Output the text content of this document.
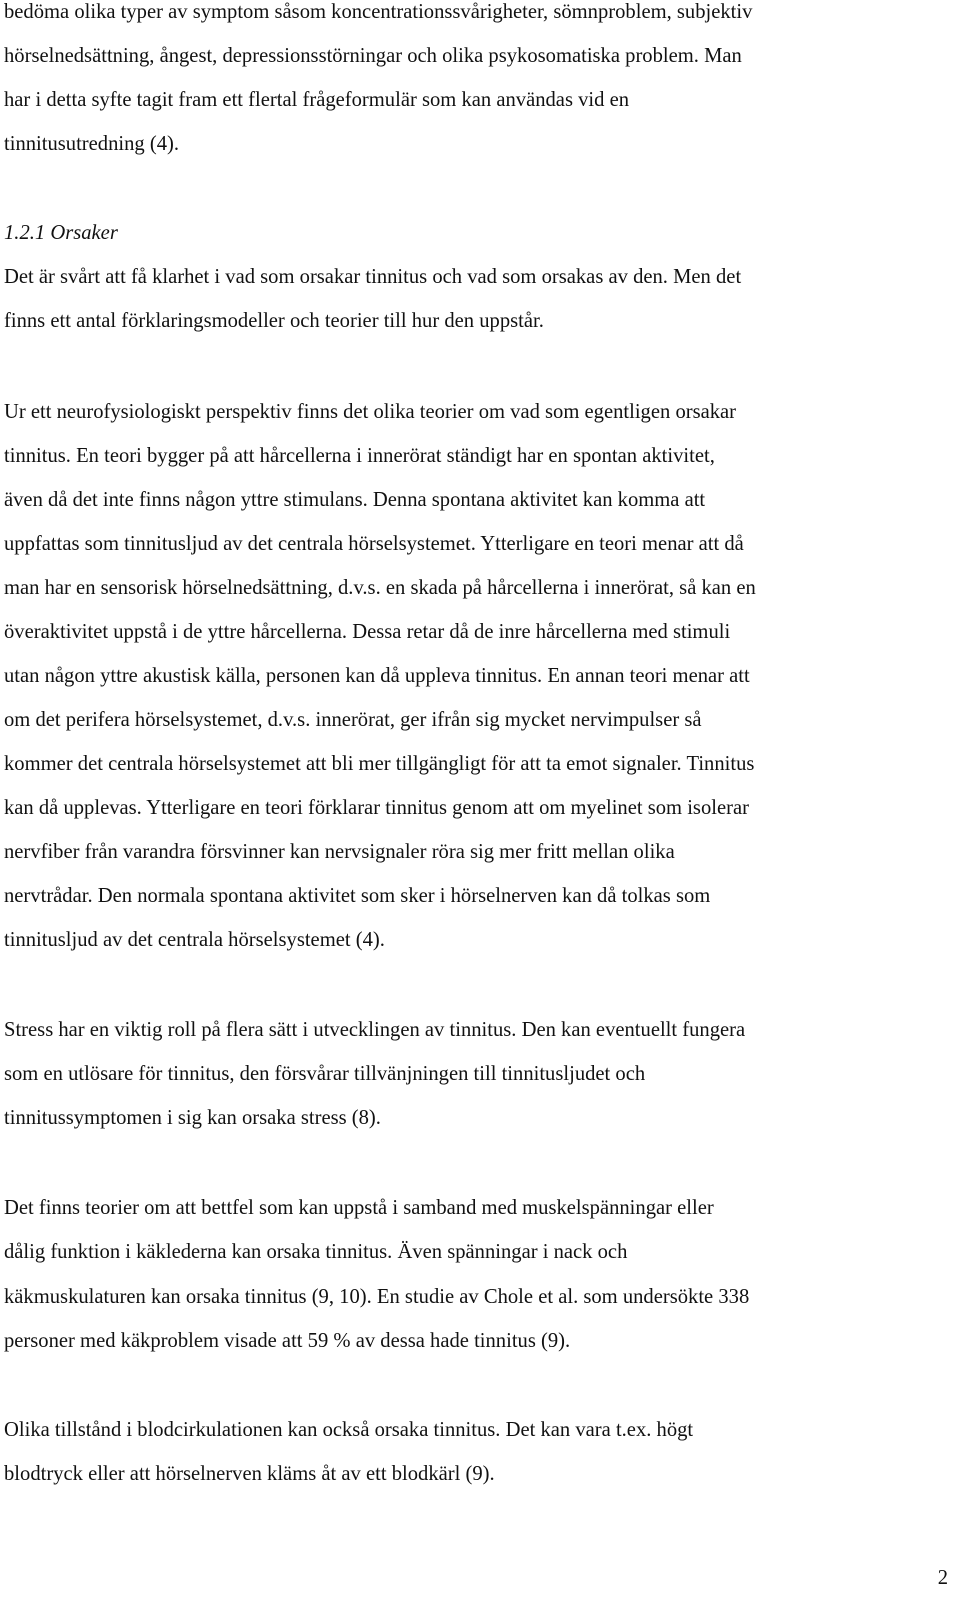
bedöma olika typer av symptom såsom koncentrationssvårigheter, sömnproblem, subjektiv
hörselnedsättning, ångest, depressionsstörningar och olika psykosomatiska problem. Man
har i detta syfte tagit fram ett flertal frågeformulär som kan användas vid en
tinnitusutredning (4).
1.2.1 Orsaker
Det är svårt att få klarhet i vad som orsakar tinnitus och vad som orsakas av den. Men det
finns ett antal förklaringsmodeller och teorier till hur den uppstår.
Ur ett neurofysiologiskt perspektiv finns det olika teorier om vad som egentligen orsakar
tinnitus. En teori bygger på att hårcellerna i innerörat ständigt har en spontan aktivitet,
även då det inte finns någon yttre stimulans. Denna spontana aktivitet kan komma att
uppfattas som tinnitusljud av det centrala hörselsystemet. Ytterligare en teori menar att då
man har en sensorisk hörselnedsättning, d.v.s. en skada på hårcellerna i innerörat, så kan en
överaktivitet uppstå i de yttre hårcellerna. Dessa retar då de inre hårcellerna med stimuli
utan någon yttre akustisk källa, personen kan då uppleva tinnitus. En annan teori menar att
om det perifera hörselsystemet, d.v.s. innerörat, ger ifrån sig mycket nervimpulser så
kommer det centrala hörselsystemet att bli mer tillgängligt för att ta emot signaler. Tinnitus
kan då upplevas. Ytterligare en teori förklarar tinnitus genom att om myelinet som isolerar
nervfiber från varandra försvinner kan nervsignaler röra sig mer fritt mellan olika
nervtrådar. Den normala spontana aktivitet som sker i hörselnerven kan då tolkas som
tinnitusljud av det centrala hörselsystemet (4).
Stress har en viktig roll på flera sätt i utvecklingen av tinnitus. Den kan eventuellt fungera
som en utlösare för tinnitus, den försvårar tillvänjningen till tinnitusljudet och
tinnitussymptomen i sig kan orsaka stress (8).
Det finns teorier om att bettfel som kan uppstå i samband med muskelspänningar eller
dålig funktion i käklederna kan orsaka tinnitus. Även spänningar i nack och
käkmuskulaturen kan orsaka tinnitus (9, 10). En studie av Chole et al. som undersökte 338
personer med käkproblem visade att 59 % av dessa hade tinnitus (9).
Olika tillstånd i blodcirkulationen kan också orsaka tinnitus. Det kan vara t.ex. högt
blodtryck eller att hörselnerven kläms åt av ett blodkärl (9).
2
